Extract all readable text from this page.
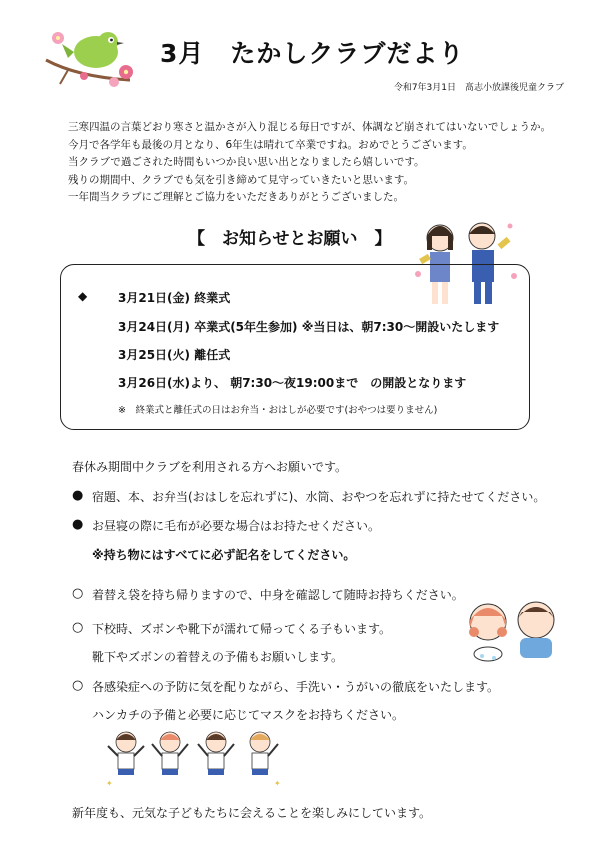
3月　たかしクラブだより
令和7年3月1日　髙志小放課後児童クラブ
三寒四温の言葉どおり寒さと温かさが入り混じる毎日ですが、体調など崩されてはいないでしょうか。
今月で各学年も最後の月となり、6年生は晴れて卒業ですね。おめでとうございます。
当クラブで過ごされた時間もいつか良い思い出となりましたら嬉しいです。
残りの期間中、クラブでも気を引き締めて見守っていきたいと思います。
一年間当クラブにご理解とご協力をいただきありがとうございました。
【　お知らせとお願い　】
◆	3月21日(金) 終業式
3月24日(月) 卒業式(5年生参加) ※当日は、朝7:30～開設いたします
3月25日(火) 離任式
3月26日(水)より、 朝7:30～夜19:00まで　の開設となります
※　終業式と離任式の日はお弁当・おはしが必要です(おやつは要りません)
春休み期間中クラブを利用される方へお願いです。
● 宿題、本、お弁当(おはしを忘れずに)、水筒、おやつを忘れずに持たせてください。
● お昼寝の際に毛布が必要な場合はお持たせください。
※持ち物にはすべてに必ず記名をしてください。
○ 着替え袋を持ち帰りますので、中身を確認して随時お持ちください。
○ 下校時、ズボンや靴下が濡れて帰ってくる子もいます。
靴下やズボンの着替えの予備もお願いします。
○ 各感染症への予防に気を配りながら、手洗い・うがいの徹底をいたします。
ハンカチの予備と必要に応じてマスクをお持ちください。
✦	✦
新年度も、元気な子どもたちに会えることを楽しみにしています。
